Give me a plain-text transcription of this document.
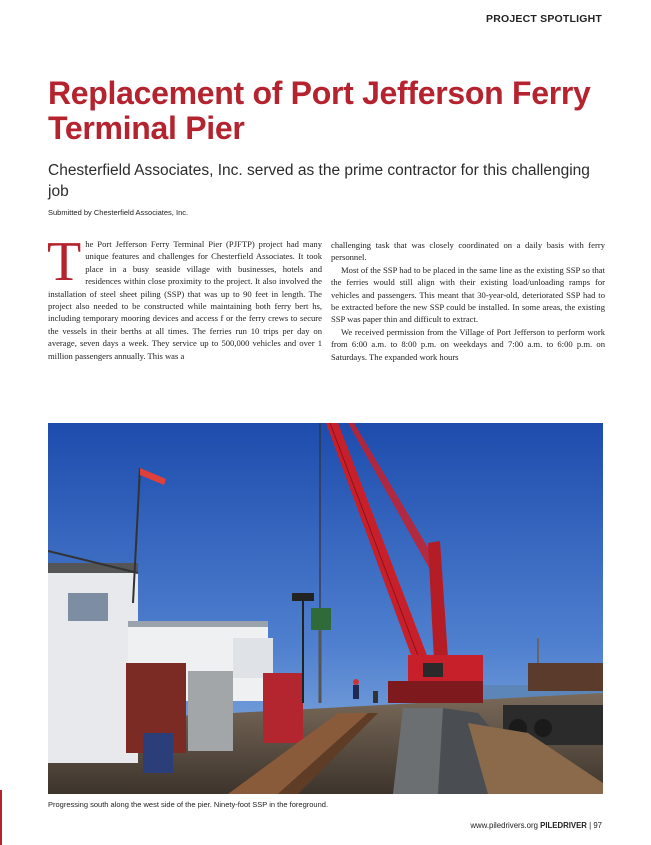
PROJECT SPOTLIGHT
Replacement of Port Jefferson Ferry Terminal Pier
Chesterfield Associates, Inc. served as the prime contractor for this challenging job
Submitted by Chesterfield Associates, Inc.

The Port Jefferson Ferry Terminal Pier (PJFTP) project had many unique features and challenges for Chesterfield Associates. It took place in a busy seaside village with businesses, hotels and residences within close proximity to the project. It also involved the installation of steel sheet piling (SSP) that was up to 90 feet in length. The project also needed to be constructed while maintaining both ferry bert hs, including temporary mooring devices and access f or the ferry crews to secure the vessels in their berths at all times. The ferries run 10 trips per day on average, seven days a week. They service up to 500,000 vehicles and over 1 million passengers annually. This was a

challenging task that was closely coordinated on a daily basis with ferry personnel.

Most of the SSP had to be placed in the same line as the existing SSP so that the ferries would still align with their existing load/unloading ramps for vehicles and passengers. This meant that 30-year-old, deteriorated SSP had to be extracted before the new SSP could be installed. In some areas, the existing SSP was paper thin and difficult to extract.

We received permission from the Village of Port Jefferson to perform work from 6:00 a.m. to 8:00 p.m. on weekdays and 7:00 a.m. to 6:00 p.m. on Saturdays. The expanded work hours

Progressing south along the west side of the pier. Ninety-foot SSP in the foreground.
www.piledrivers.org PILEDRIVER | 97
